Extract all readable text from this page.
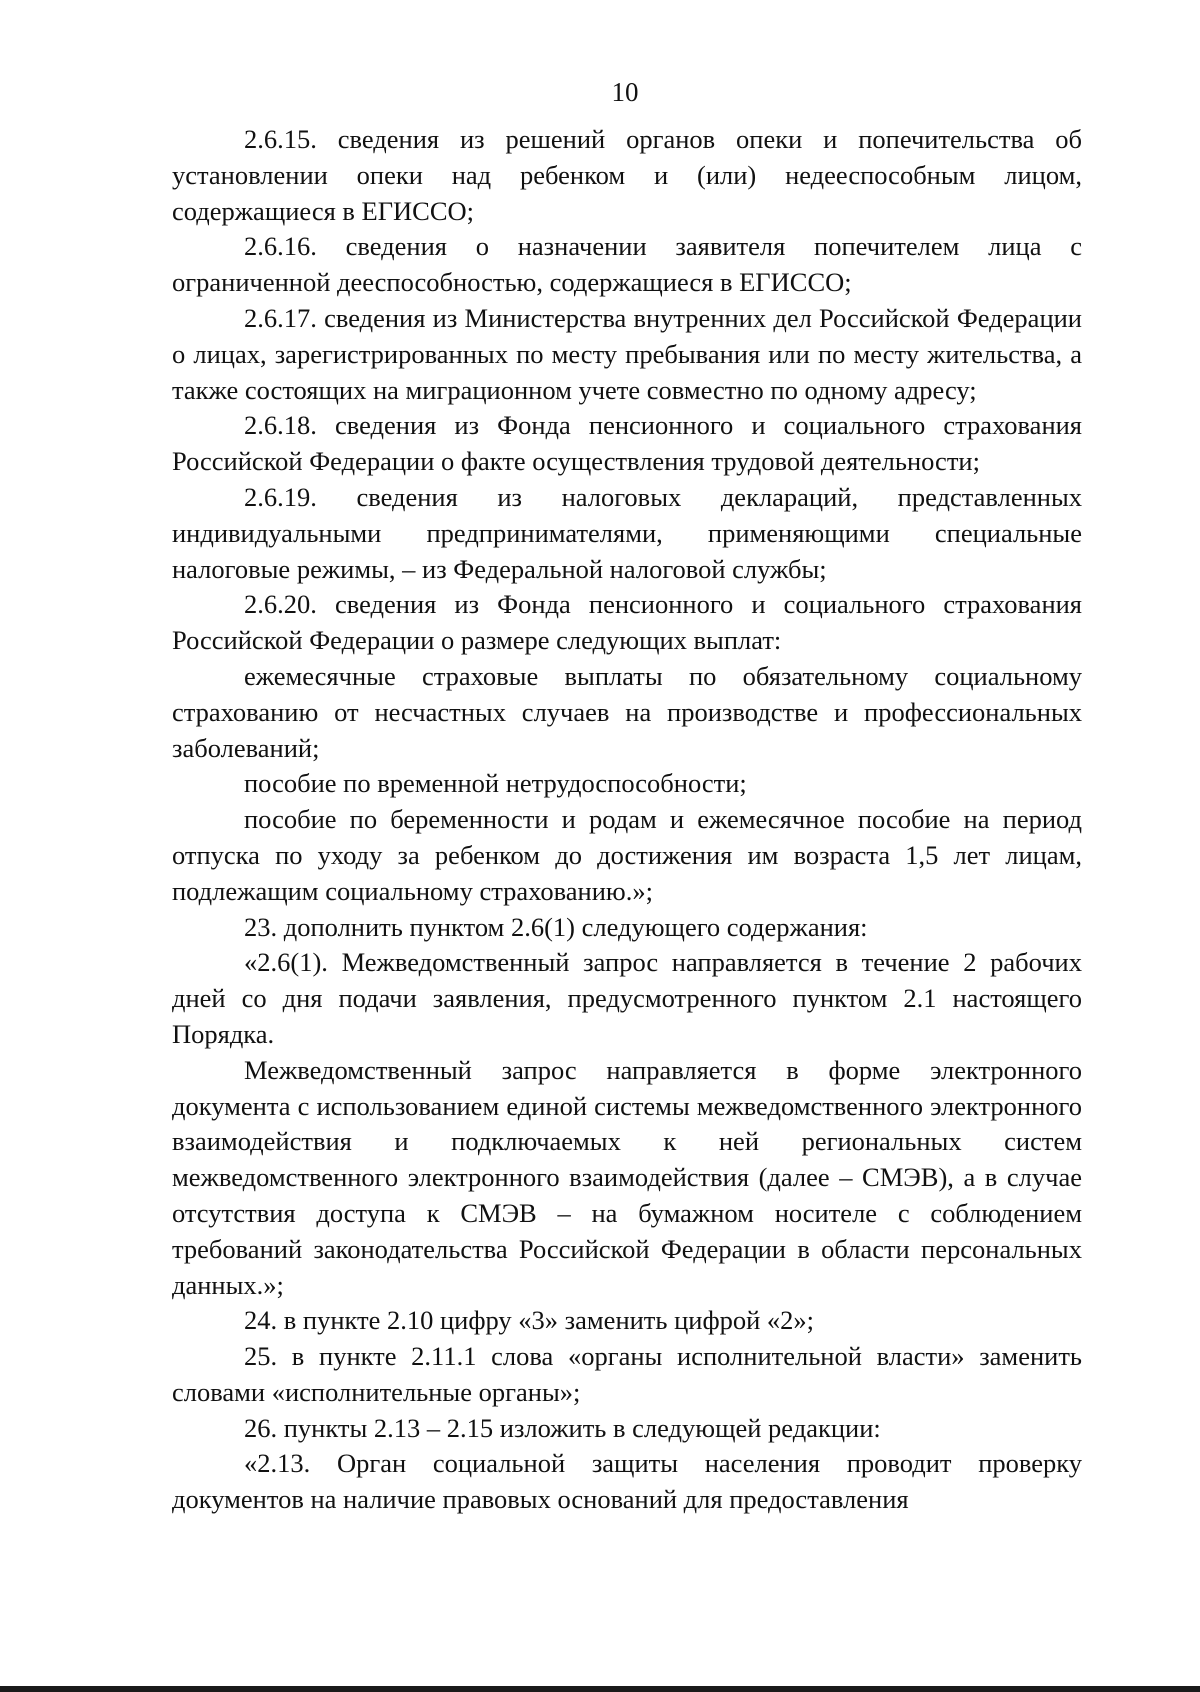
10

2.6.15. сведения из решений органов опеки и попечительства об установлении опеки над ребенком и (или) недееспособным лицом, содержащиеся в ЕГИССО;

2.6.16. сведения о назначении заявителя попечителем лица с ограниченной дееспособностью, содержащиеся в ЕГИССО;

2.6.17. сведения из Министерства внутренних дел Российской Федерации о лицах, зарегистрированных по месту пребывания или по месту жительства, а также состоящих на миграционном учете совместно по одному адресу;

2.6.18. сведения из Фонда пенсионного и социального страхования Российской Федерации о факте осуществления трудовой деятельности;

2.6.19. сведения из налоговых деклараций, представленных индивидуальными предпринимателями, применяющими специальные налоговые режимы, – из Федеральной налоговой службы;

2.6.20. сведения из Фонда пенсионного и социального страхования Российской Федерации о размере следующих выплат:

ежемесячные страховые выплаты по обязательному социальному страхованию от несчастных случаев на производстве и профессиональных заболеваний;

пособие по временной нетрудоспособности;

пособие по беременности и родам и ежемесячное пособие на период отпуска по уходу за ребенком до достижения им возраста 1,5 лет лицам, подлежащим социальному страхованию.»;

23. дополнить пунктом 2.6(1) следующего содержания:

«2.6(1). Межведомственный запрос направляется в течение 2 рабочих дней со дня подачи заявления, предусмотренного пунктом 2.1 настоящего Порядка.

Межведомственный запрос направляется в форме электронного документа с использованием единой системы межведомственного электронного взаимодействия и подключаемых к ней региональных систем межведомственного электронного взаимодействия (далее – СМЭВ), а в случае отсутствия доступа к СМЭВ – на бумажном носителе с соблюдением требований законодательства Российской Федерации в области персональных данных.»;

24. в пункте 2.10 цифру «3» заменить цифрой «2»;

25. в пункте 2.11.1 слова «органы исполнительной власти» заменить словами «исполнительные органы»;

26. пункты 2.13 – 2.15 изложить в следующей редакции:

«2.13. Орган социальной защиты населения проводит проверку документов на наличие правовых оснований для предоставления
